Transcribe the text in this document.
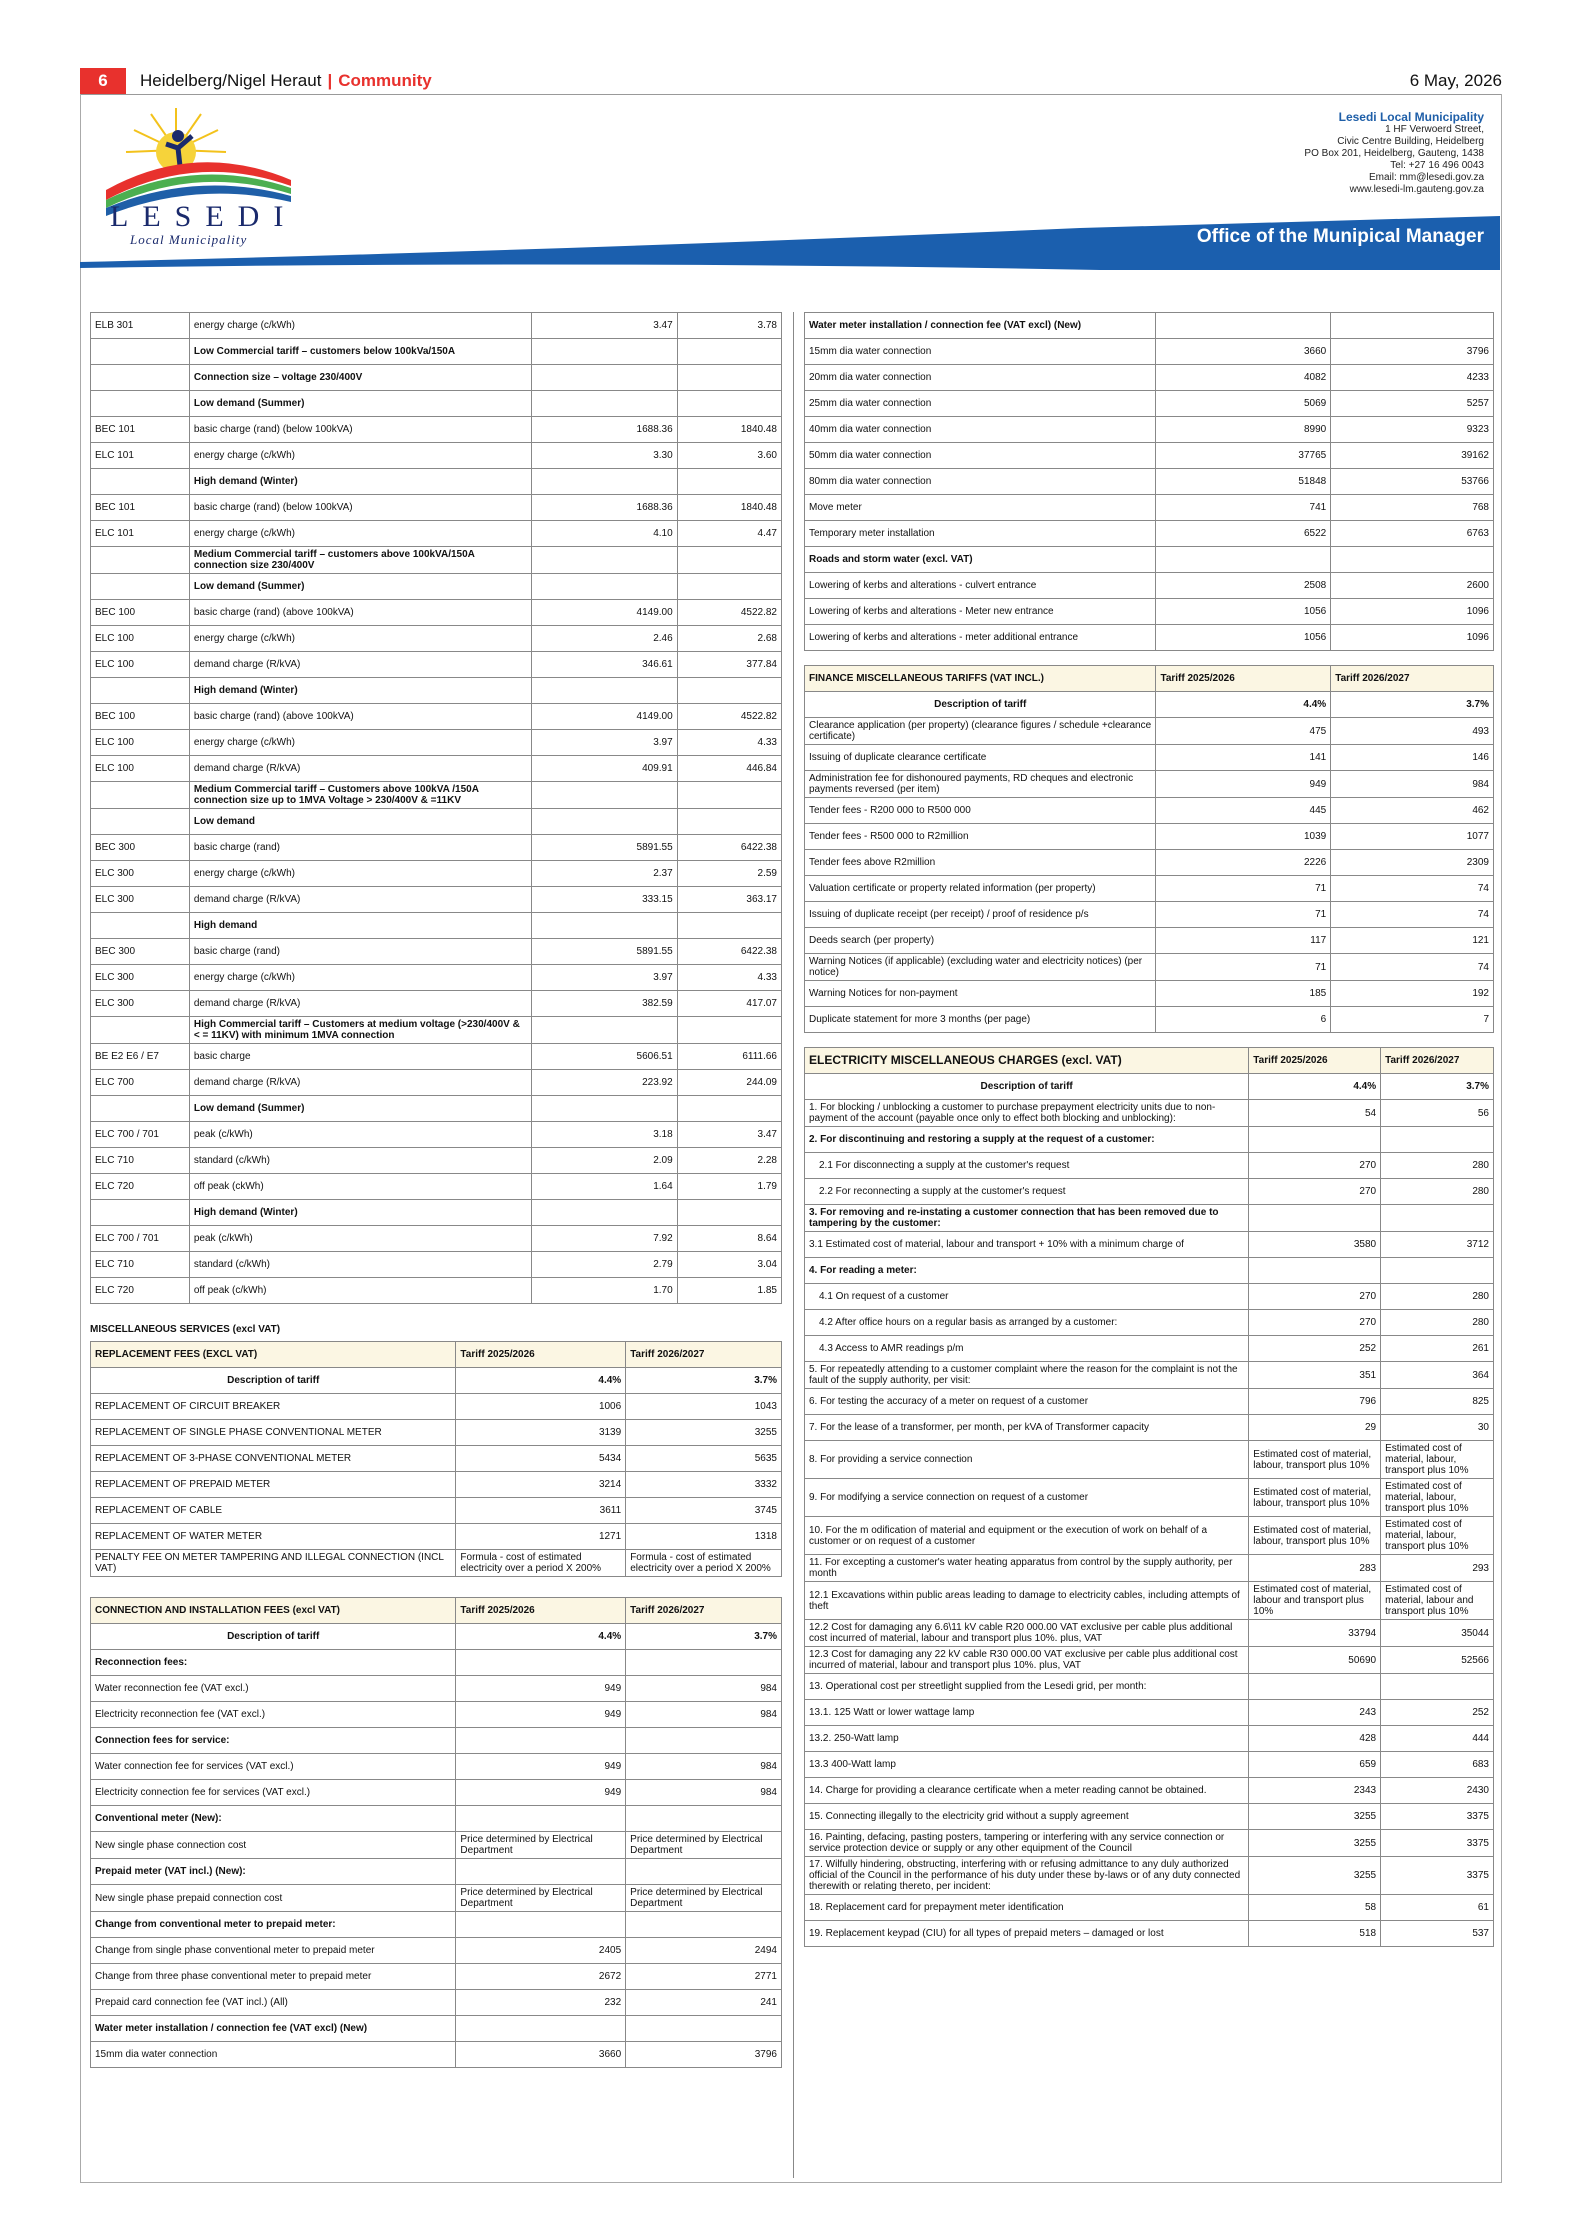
6	Heidelberg/Nigel Heraut | Community	6 May, 2026
LESEDI
Local Municipality
Lesedi Local Municipality
1 HF Verwoerd Street,
Civic Centre Building, Heidelberg
PO Box 201, Heidelberg, Gauteng, 1438
Tel: +27 16 496 0043
Email: mm@lesedi.gov.za
www.lesedi-lm.gauteng.gov.za
Office of the Munipical Manager
ELB 301	energy charge (c/kWh)	3.47	3.78
	Low Commercial tariff – customers below 100kVa/150A		
	Connection size – voltage 230/400V		
	Low demand (Summer)		
BEC 101	basic charge (rand) (below 100kVA)	1688.36	1840.48
ELC 101	energy charge (c/kWh)	3.30	3.60
	High demand (Winter)		
BEC 101	basic charge (rand) (below 100kVA)	1688.36	1840.48
ELC 101	energy charge (c/kWh)	4.10	4.47
	Medium Commercial tariff – customers above 100kVA/150A connection size 230/400V		
	Low demand (Summer)		
BEC 100	basic charge (rand) (above 100kVA)	4149.00	4522.82
ELC 100	energy charge (c/kWh)	2.46	2.68
ELC 100	demand charge (R/kVA)	346.61	377.84
	High demand (Winter)		
BEC 100	basic charge (rand) (above 100kVA)	4149.00	4522.82
ELC 100	energy charge (c/kWh)	3.97	4.33
ELC 100	demand charge (R/kVA)	409.91	446.84
	Medium Commercial tariff – Customers above 100kVA /150A connection size up to 1MVA Voltage > 230/400V & =11KV		
	Low demand		
BEC 300	basic charge (rand)	5891.55	6422.38
ELC 300	energy charge (c/kWh)	2.37	2.59
ELC 300	demand charge (R/kVA)	333.15	363.17
	High demand		
BEC 300	basic charge (rand)	5891.55	6422.38
ELC 300	energy charge (c/kWh)	3.97	4.33
ELC 300	demand charge (R/kVA)	382.59	417.07
	High Commercial tariff – Customers at medium voltage (>230/400V & < = 11KV) with minimum 1MVA connection		
BE E2 E6 / E7	basic charge	5606.51	6111.66
ELC 700	demand charge (R/kVA)	223.92	244.09
	Low demand (Summer)		
ELC 700 / 701	peak (c/kWh)	3.18	3.47
ELC 710	standard (c/kWh)	2.09	2.28
ELC 720	off peak (ckWh)	1.64	1.79
	High demand (Winter)		
ELC 700 / 701	peak (c/kWh)	7.92	8.64
ELC 710	standard (c/kWh)	2.79	3.04
ELC 720	off peak (c/kWh)	1.70	1.85
MISCELLANEOUS SERVICES (excl VAT)
REPLACEMENT FEES (EXCL VAT)	Tariff 2025/2026	Tariff 2026/2027
Description of tariff	4.4%	3.7%
REPLACEMENT OF CIRCUIT BREAKER	1006	1043
REPLACEMENT OF SINGLE PHASE CONVENTIONAL METER	3139	3255
REPLACEMENT OF 3-PHASE CONVENTIONAL METER	5434	5635
REPLACEMENT OF PREPAID METER	3214	3332
REPLACEMENT OF CABLE	3611	3745
REPLACEMENT OF WATER METER	1271	1318
PENALTY FEE ON METER TAMPERING AND ILLEGAL CONNECTION (INCL VAT)	Formula - cost of estimated electricity over a period X 200%	Formula - cost of estimated electricity over a period X 200%
CONNECTION AND INSTALLATION FEES (excl VAT)	Tariff 2025/2026	Tariff 2026/2027
Description of tariff	4.4%	3.7%
Reconnection fees:		
Water reconnection fee (VAT excl.)	949	984
Electricity reconnection fee (VAT excl.)	949	984
Connection fees for service:		
Water connection fee for services (VAT excl.)	949	984
Electricity connection fee for services (VAT excl.)	949	984
Conventional meter (New):		
New single phase connection cost	Price determined by Electrical Department	Price determined by Electrical Department
Prepaid meter (VAT incl.) (New):		
New single phase prepaid connection cost	Price determined by Electrical Department	Price determined by Electrical Department
Change from conventional meter to prepaid meter:		
Change from single phase conventional meter to prepaid meter	2405	2494
Change from three phase conventional meter to prepaid meter	2672	2771
Prepaid card connection fee (VAT incl.) (All)	232	241
Water meter installation / connection fee (VAT excl) (New)		
15mm dia water connection	3660	3796
Water meter installation / connection fee (VAT excl) (New)		
15mm dia water connection	3660	3796
20mm dia water connection	4082	4233
25mm dia water connection	5069	5257
40mm dia water connection	8990	9323
50mm dia water connection	37765	39162
80mm dia water connection	51848	53766
Move meter	741	768
Temporary meter installation	6522	6763
Roads and storm water (excl. VAT)		
Lowering of kerbs and alterations - culvert entrance	2508	2600
Lowering of kerbs and alterations - Meter new entrance	1056	1096
Lowering of kerbs and alterations - meter additional entrance	1056	1096
FINANCE MISCELLANEOUS TARIFFS (VAT INCL.)	Tariff 2025/2026	Tariff 2026/2027
Description of tariff	4.4%	3.7%
Clearance application (per property) (clearance figures / schedule +clearance certificate)	475	493
Issuing of duplicate clearance certificate	141	146
Administration fee for dishonoured payments, RD cheques and electronic payments reversed (per item)	949	984
Tender fees - R200 000 to R500 000	445	462
Tender fees - R500 000 to R2million	1039	1077
Tender fees above R2million	2226	2309
Valuation certificate or property related information (per property)	71	74
Issuing of duplicate receipt (per receipt) / proof of residence p/s	71	74
Deeds search (per property)	117	121
Warning Notices (if applicable) (excluding water and electricity notices) (per notice)	71	74
Warning Notices for non-payment	185	192
Duplicate statement for more 3 months (per page)	6	7
ELECTRICITY MISCELLANEOUS CHARGES (excl. VAT)	Tariff 2025/2026	Tariff 2026/2027
Description of tariff	4.4%	3.7%
1. For blocking / unblocking a customer to purchase prepayment electricity units due to non-payment of the account (payable once only to effect both blocking and unblocking):	54	56
2. For discontinuing and restoring a supply at the request of a customer:		
2.1 For disconnecting a supply at the customer's request	270	280
2.2 For reconnecting a supply at the customer's request	270	280
3. For removing and re-instating a customer connection that has been removed due to tampering by the customer:		
3.1 Estimated cost of material, labour and transport + 10% with a minimum charge of	3580	3712
4. For reading a meter:		
4.1 On request of a customer	270	280
4.2 After office hours on a regular basis as arranged by a customer:	270	280
4.3 Access to AMR readings p/m	252	261
5. For repeatedly attending to a customer complaint where the reason for the complaint is not the fault of the supply authority, per visit:	351	364
6. For testing the accuracy of a meter on request of a customer	796	825
7. For the lease of a transformer, per month, per kVA of Transformer capacity	29	30
8. For providing a service connection	Estimated cost of material, labour, transport plus 10%	Estimated cost of material, labour, transport plus 10%
9. For modifying a service connection on request of a customer	Estimated cost of material, labour, transport plus 10%	Estimated cost of material, labour, transport plus 10%
10. For the m odification of material and equipment or the execution of work on behalf of a customer or on request of a customer	Estimated cost of material, labour, transport plus 10%	Estimated cost of material, labour, transport plus 10%
11. For excepting a customer's water heating apparatus from control by the supply authority, per month	283	293
12.1 Excavations within public areas leading to damage to electricity cables, including attempts of theft	Estimated cost of material, labour and transport plus 10%	Estimated cost of material, labour and transport plus 10%
12.2 Cost for damaging any 6.6\11 kV cable R20 000.00 VAT exclusive per cable plus additional cost incurred of material, labour and transport plus 10%. plus, VAT	33794	35044
12.3 Cost for damaging any 22 kV cable R30 000.00 VAT exclusive per cable plus additional cost incurred of material, labour and transport plus 10%. plus, VAT	50690	52566
13. Operational cost per streetlight supplied from the Lesedi grid, per month:		
13.1. 125 Watt or lower wattage lamp	243	252
13.2. 250-Watt lamp	428	444
13.3 400-Watt lamp	659	683
14. Charge for providing a clearance certificate when a meter reading cannot be obtained.	2343	2430
15. Connecting illegally to the electricity grid without a supply agreement	3255	3375
16. Painting, defacing, pasting posters, tampering or interfering with any service connection or service protection device or supply or any other equipment of the Council	3255	3375
17. Wilfully hindering, obstructing, interfering with or refusing admittance to any duly authorized official of the Council in the performance of his duty under these by-laws or of any duty connected therewith or relating thereto, per incident:	3255	3375
18. Replacement card for prepayment meter identification	58	61
19. Replacement keypad (CIU) for all types of prepaid meters – damaged or lost	518	537
